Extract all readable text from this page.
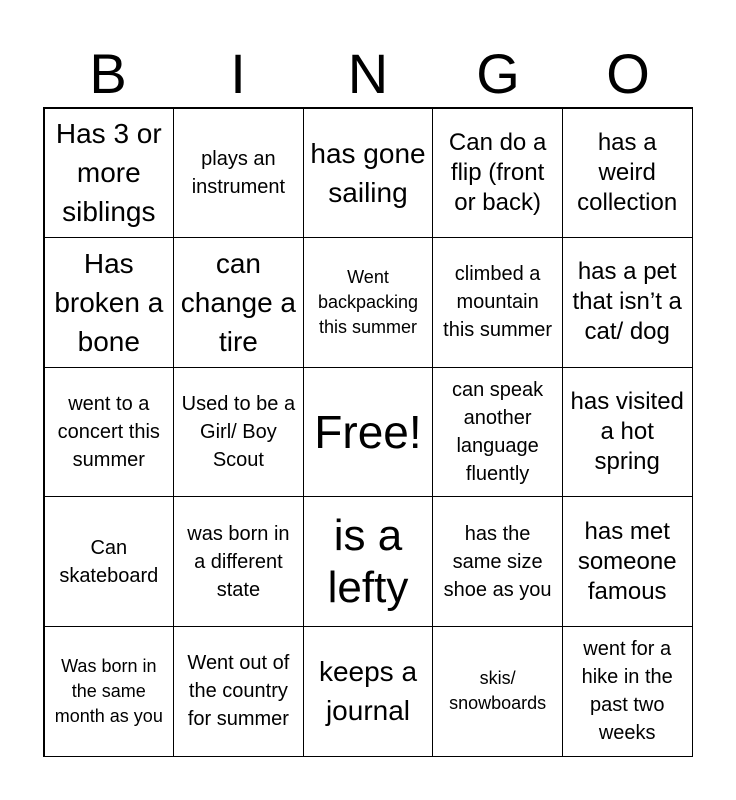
B	I	N	G	O
Has 3 or more siblings
plays an instrument
has gone sailing
Can do a flip (front or back)
has a weird collection
Has broken a bone
can change a tire
Went backpacking this summer
climbed a mountain this summer
has a pet that isn’t a cat/ dog
went to a concert this summer
Used to be a Girl/ Boy Scout
Free!
can speak another language fluently
has visited a hot spring
Can skateboard
was born in a different state
is a lefty
has the same size shoe as you
has met someone famous
Was born in the same month as you
Went out of the country for summer
keeps a journal
skis/ snowboards
went for a hike in the past two weeks
